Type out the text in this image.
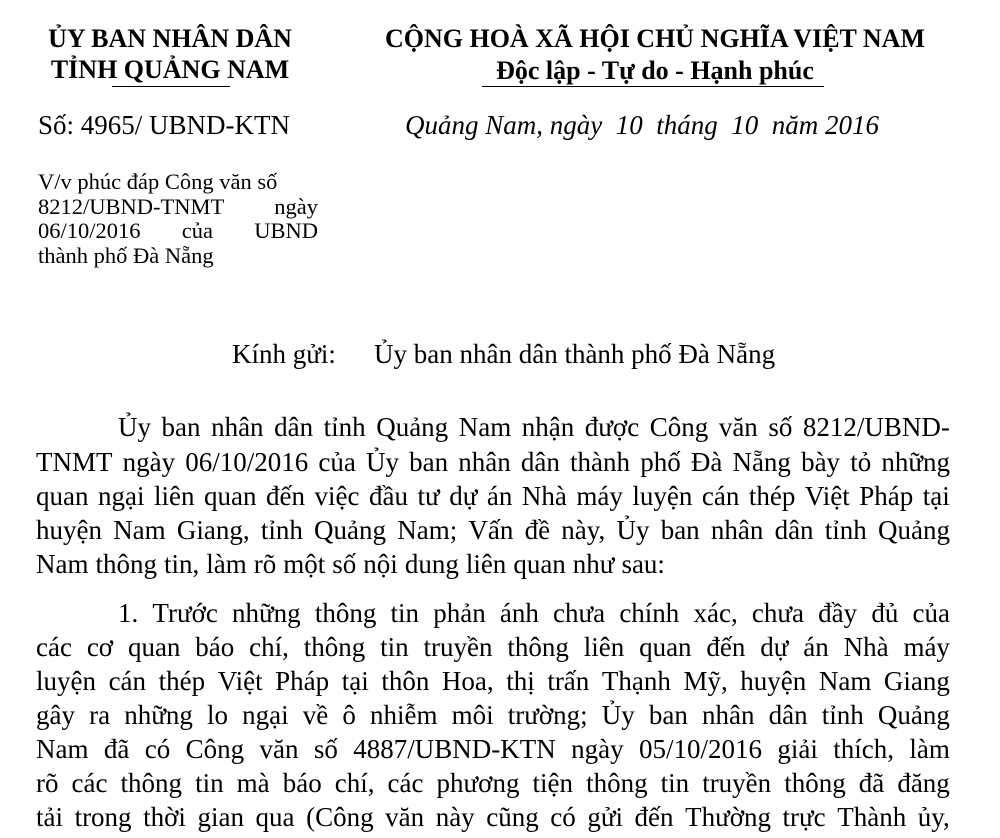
ỦY BAN NHÂN DÂN
TỈNH QUẢNG NAM
CỘNG HOÀ XÃ HỘI CHỦ NGHĨA VIỆT NAM
Độc lập - Tự do - Hạnh phúc
Số: 4965/ UBND-KTN	Quảng Nam, ngày  10  tháng  10  năm 2016
V/v phúc đáp Công văn số
8212/UBND-TNMT ngày
06/10/2016 của UBND
thành phố Đà Nẵng
Kính gửi: Ủy ban nhân dân thành phố Đà Nẵng
Ủy ban nhân dân tỉnh Quảng Nam nhận được Công văn số 8212/UBND-
TNMT ngày 06/10/2016 của Ủy ban nhân dân thành phố Đà Nẵng bày tỏ những
quan ngại liên quan đến việc đầu tư dự án Nhà máy luyện cán thép Việt Pháp tại
huyện Nam Giang, tỉnh Quảng Nam; Vấn đề này, Ủy ban nhân dân tỉnh Quảng
Nam thông tin, làm rõ một số nội dung liên quan như sau:
1. Trước những thông tin phản ánh chưa chính xác, chưa đầy đủ của
các cơ quan báo chí, thông tin truyền thông liên quan đến dự án Nhà máy
luyện cán thép Việt Pháp tại thôn Hoa, thị trấn Thạnh Mỹ, huyện Nam Giang
gây ra những lo ngại về ô nhiễm môi trường; Ủy ban nhân dân tỉnh Quảng
Nam đã có Công văn số 4887/UBND-KTN ngày 05/10/2016 giải thích, làm
rõ các thông tin mà báo chí, các phương tiện thông tin truyền thông đã đăng
tải trong thời gian qua (Công văn này cũng có gửi đến Thường trực Thành ủy,
